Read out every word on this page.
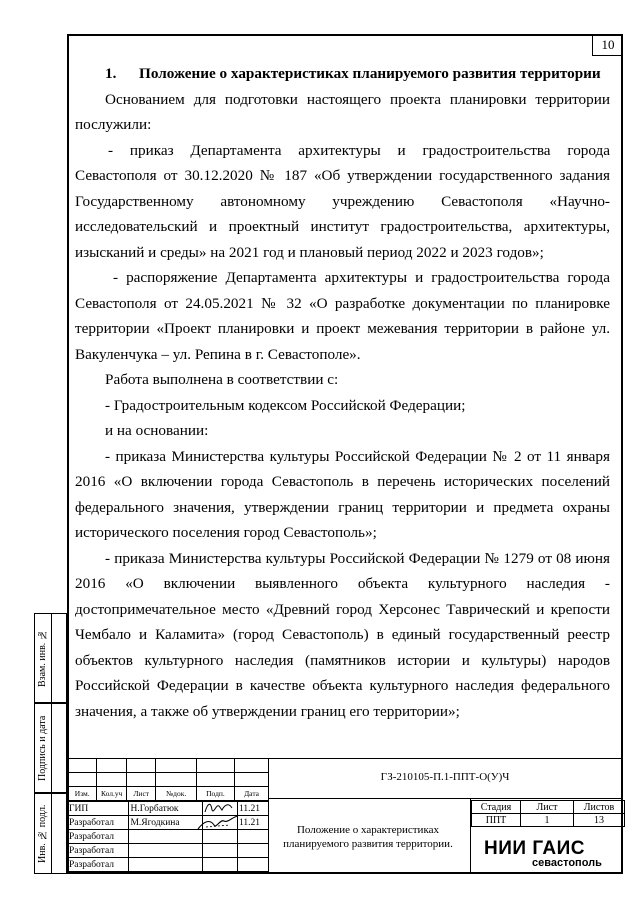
10

1. Положение о характеристиках планируемого развития территории

Основанием для подготовки настоящего проекта планировки территории послужили:

- приказ Департамента архитектуры и градостроительства города Севастополя от 30.12.2020 № 187 «Об утверждении государственного задания Государственному автономному учреждению Севастополя «Научно-исследовательский и проектный институт градостроительства, архитектуры, изысканий и среды» на 2021 год и плановый период 2022 и 2023 годов»;

- распоряжение Департамента архитектуры и градостроительства города Севастополя от 24.05.2021 № 32 «О разработке документации по планировке территории «Проект планировки и проект межевания территории в районе ул. Вакуленчука – ул. Репина в г. Севастополе».

Работа выполнена в соответствии с:

- Градостроительным кодексом Российской Федерации;

и на основании:

- приказа Министерства культуры Российской Федерации № 2 от 11 января 2016 «О включении города Севастополь в перечень исторических поселений федерального значения, утверждении границ территории и предмета охраны исторического поселения город Севастополь»;

- приказа Министерства культуры Российской Федерации № 1279 от 08 июня 2016 «О включении выявленного объекта культурного наследия - достопримечательное место «Древний город Херсонес Таврический и крепости Чембало и Каламита» (город Севастополь) в единый государственный реестр объектов культурного наследия (памятников истории и культуры) народов Российской Федерации в качестве объекта культурного наследия федерального значения, а также об утверждении границ его территории»;

Взам. инв. №
Подпись и дата
Инв. № подл.
ГЗ-210105-П.1-ППТ-О(У)Ч

Изм.	Кол.уч	Лист	№док.	Подп.	Дата
ГИП	Н.Горбатюк		11.21
Разработал	М.Ягодкина		11.21
Разработал			
Разработал			
Разработал			
Положение о характеристиках планируемого развития территории.
Стадия	Лист	Листов
ППТ	1	13
НИИ ГАИС
севастополь
